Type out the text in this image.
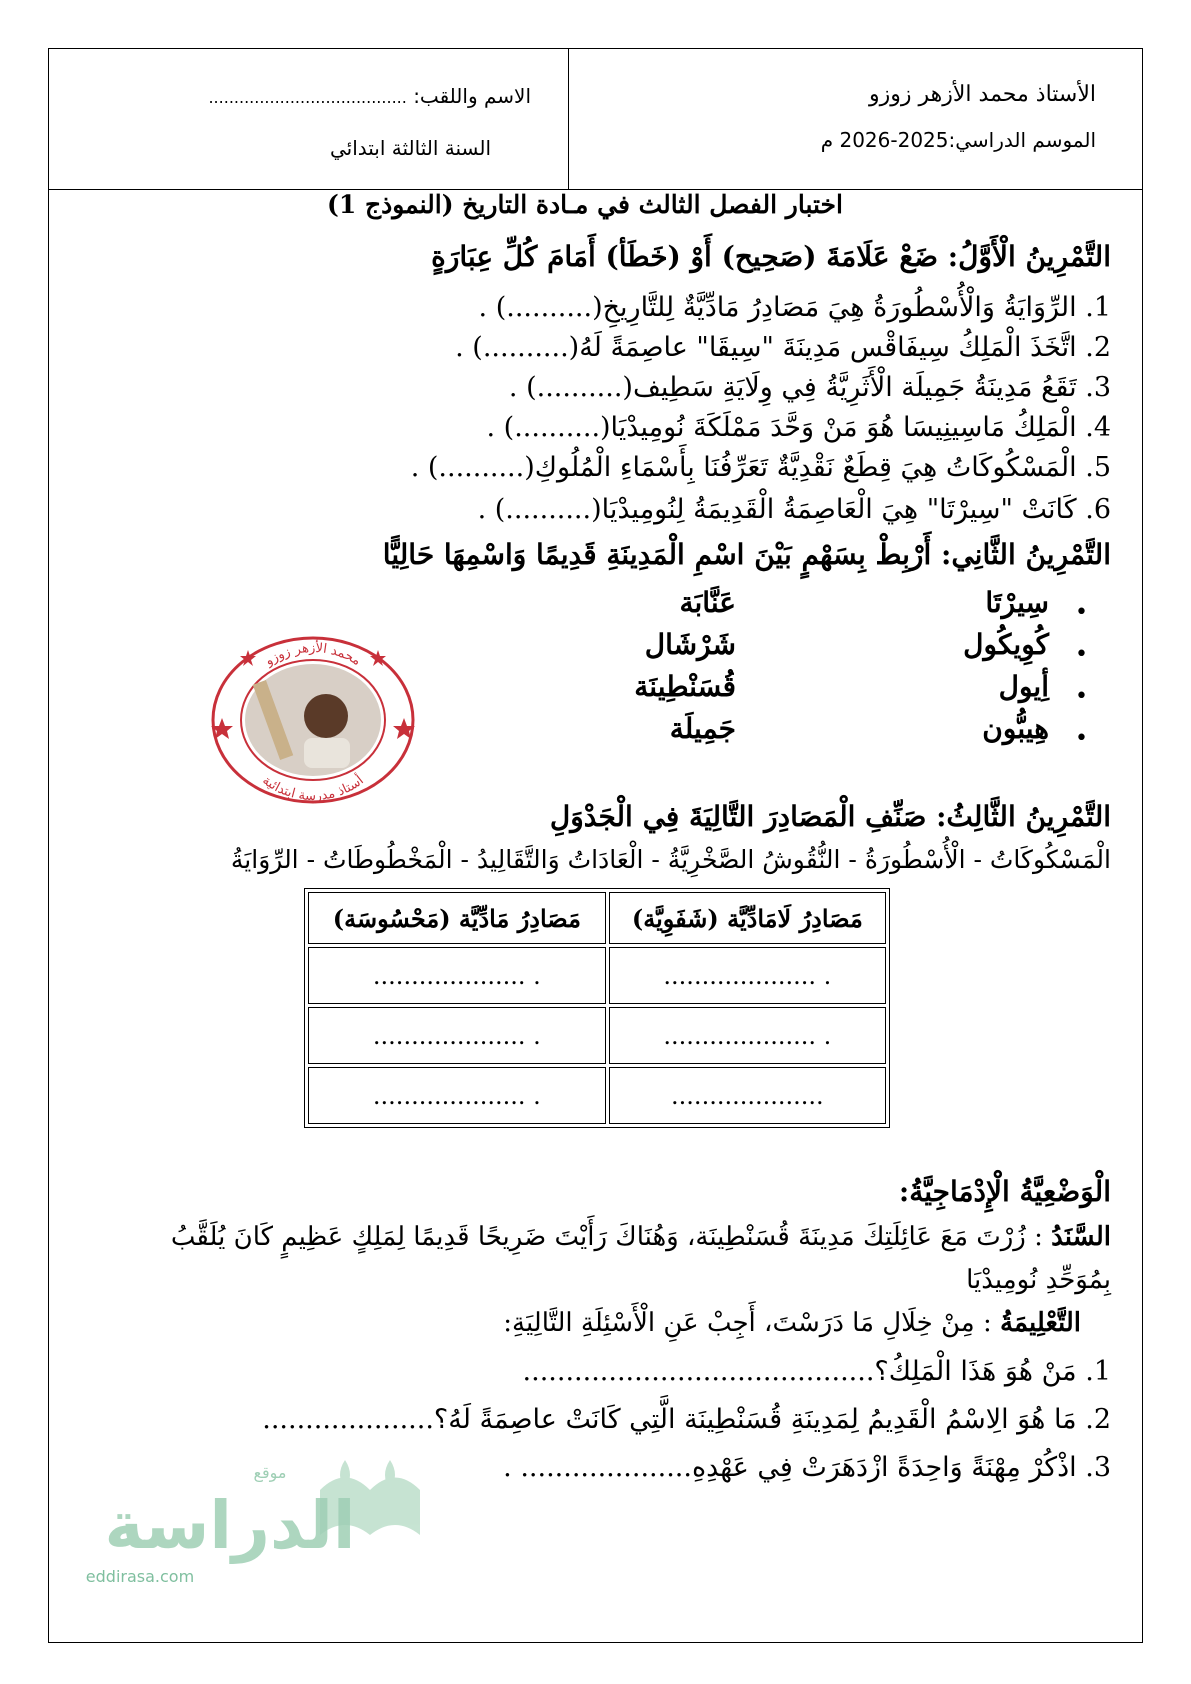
الأستاذ محمد الأزهر زوزو
الموسم الدراسي:2025-2026 م
الاسم واللقب: .......................................
السنة الثالثة ابتدائي
اختبار الفصل الثالث في مـادة التاريخ (النموذج 1)
التَّمْرِينُ الْأَوَّلُ: ضَعْ عَلَامَةَ (صَحِيح) أَوْ (خَطَأ) أَمَامَ كُلِّ عِبَارَةٍ
1. الرِّوَايَةُ وَالْأُسْطُورَةُ هِيَ مَصَادِرُ مَادِّيَّةٌ لِلتَّارِيخِ(..........) .
2. اتَّخَذَ الْمَلِكُ سِيفَاقْس مَدِينَةَ "سِيقَا" عاصِمَةً لَهُ(..........) .
3. تَقَعُ مَدِينَةُ جَمِيلَة الْأَثَرِيَّةُ فِي وِلَايَةِ سَطِيف(..........) .
4. الْمَلِكُ مَاسِينِيسَا هُوَ مَنْ وَحَّدَ مَمْلَكَةَ نُومِيدْيَا(..........) .
5. الْمَسْكُوكَاتُ هِيَ قِطَعٌ نَقْدِيَّةٌ تَعَرِّفُنَا بِأَسْمَاءِ الْمُلُوكِ(..........) .
6. كَانَتْ "سِيرْتَا" هِيَ الْعَاصِمَةُ الْقَدِيمَةُ لِنُومِيدْيَا(..........) .
التَّمْرِينُ الثَّانِي: أَرْبِطْ بِسَهْمٍ بَيْنَ اسْمِ الْمَدِينَةِ قَدِيمًا وَاسْمِهَا حَالِيًّا
•
•
•
•
سِيرْتَا
كُوِيكُول
أِيول
هِيبُّون
عَنَّابَة
شَرْشَال
قُسَنْطِينَة
جَمِيلَة
محمد الأزهر زوزو
أستاذ مدرسة ابتدائية
التَّمْرِينُ الثَّالِثُ: صَنِّفِ الْمَصَادِرَ التَّالِيَةَ فِي الْجَدْوَلِ
الْمَسْكُوكَاتُ - الْأُسْطُورَةُ - النُّقُوشُ الصَّخْرِيَّةُ - الْعَادَاتُ وَالتَّقَالِيدُ - الْمَخْطُوطَاتُ - الرِّوَايَةُ
مَصَادِرُ لَامَادِّيَّة (شَفَوِيَّة)	مَصَادِرُ مَادِّيَّة (مَحْسُوسَة)
. ....................	. ....................
. ....................	. ....................
....................	. ....................
الْوَضْعِيَّةُ الْإِدْمَاجِيَّةُ:
السَّنَدُ : زُرْتَ مَعَ عَائِلَتِكَ مَدِينَةَ قُسَنْطِينَة، وَهُنَاكَ رَأَيْتَ ضَرِيحًا قَدِيمًا لِمَلِكٍ عَظِيمٍ كَانَ يُلَقَّبُ
بِمُوَحِّدِ نُومِيدْيَا
التَّعْلِيمَةُ : مِنْ خِلَالِ مَا دَرَسْتَ، أَجِبْ عَنِ الْأَسْئِلَةِ التَّالِيَةِ:
1. مَنْ هُوَ هَذَا الْمَلِكُ؟.........................................
2. مَا هُوَ الِاسْمُ الْقَدِيمُ لِمَدِينَةِ قُسَنْطِينَة الَّتِي كَانَتْ عاصِمَةً لَهُ؟....................
3. اذْكُرْ مِهْنَةً وَاحِدَةً ازْدَهَرَتْ فِي عَهْدِهِ.................... .
موقع
الدراسة
eddirasa.com
